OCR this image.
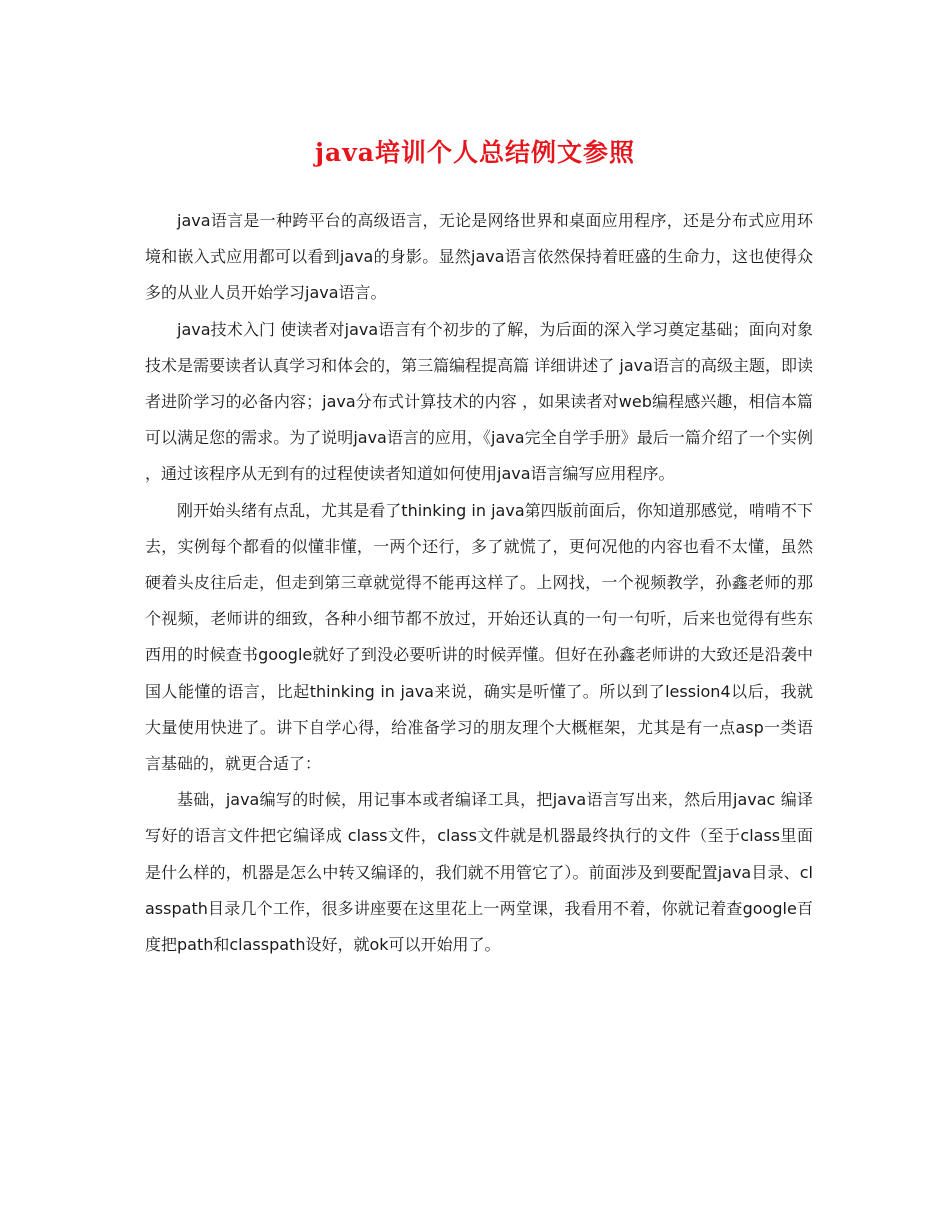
java培训个人总结例文参照

java语言是一种跨平台的高级语言，无论是网络世界和桌面应用程序，还是分布式应用环境和嵌入式应用都可以看到java的身影。显然java语言依然保持着旺盛的生命力，这也使得众多的从业人员开始学习java语言。

java技术入门 使读者对java语言有个初步的了解，为后面的深入学习奠定基础；面向对象技术是需要读者认真学习和体会的，第三篇编程提高篇 详细讲述了 java语言的高级主题，即读者进阶学习的必备内容；java分布式计算技术的内容 ，如果读者对web编程感兴趣，相信本篇可以满足您的需求。为了说明java语言的应用，《java完全自学手册》最后一篇介绍了一个实例 ，通过该程序从无到有的过程使读者知道如何使用java语言编写应用程序。

刚开始头绪有点乱，尤其是看了thinking in java第四版前面后，你知道那感觉，啃啃不下去，实例每个都看的似懂非懂，一两个还行，多了就慌了，更何况他的内容也看不太懂，虽然硬着头皮往后走，但走到第三章就觉得不能再这样了。上网找，一个视频教学，孙鑫老师的那个视频，老师讲的细致，各种小细节都不放过，开始还认真的一句一句听，后来也觉得有些东西用的时候查书google就好了到没必要听讲的时候弄懂。但好在孙鑫老师讲的大致还是沿袭中国人能懂的语言，比起thinking in java来说，确实是听懂了。所以到了lession4以后，我就大量使用快进了。讲下自学心得，给准备学习的朋友理个大概框架，尤其是有一点asp一类语言基础的，就更合适了：

基础，java编写的时候，用记事本或者编译工具，把java语言写出来，然后用javac 编译写好的语言文件把它编译成 class文件，class文件就是机器最终执行的文件（至于class里面是什么样的，机器是怎么中转又编译的，我们就不用管它了）。前面涉及到要配置java目录、classpath目录几个工作，很多讲座要在这里花上一两堂课，我看用不着，你就记着查google百度把path和classpath设好，就ok可以开始用了。
